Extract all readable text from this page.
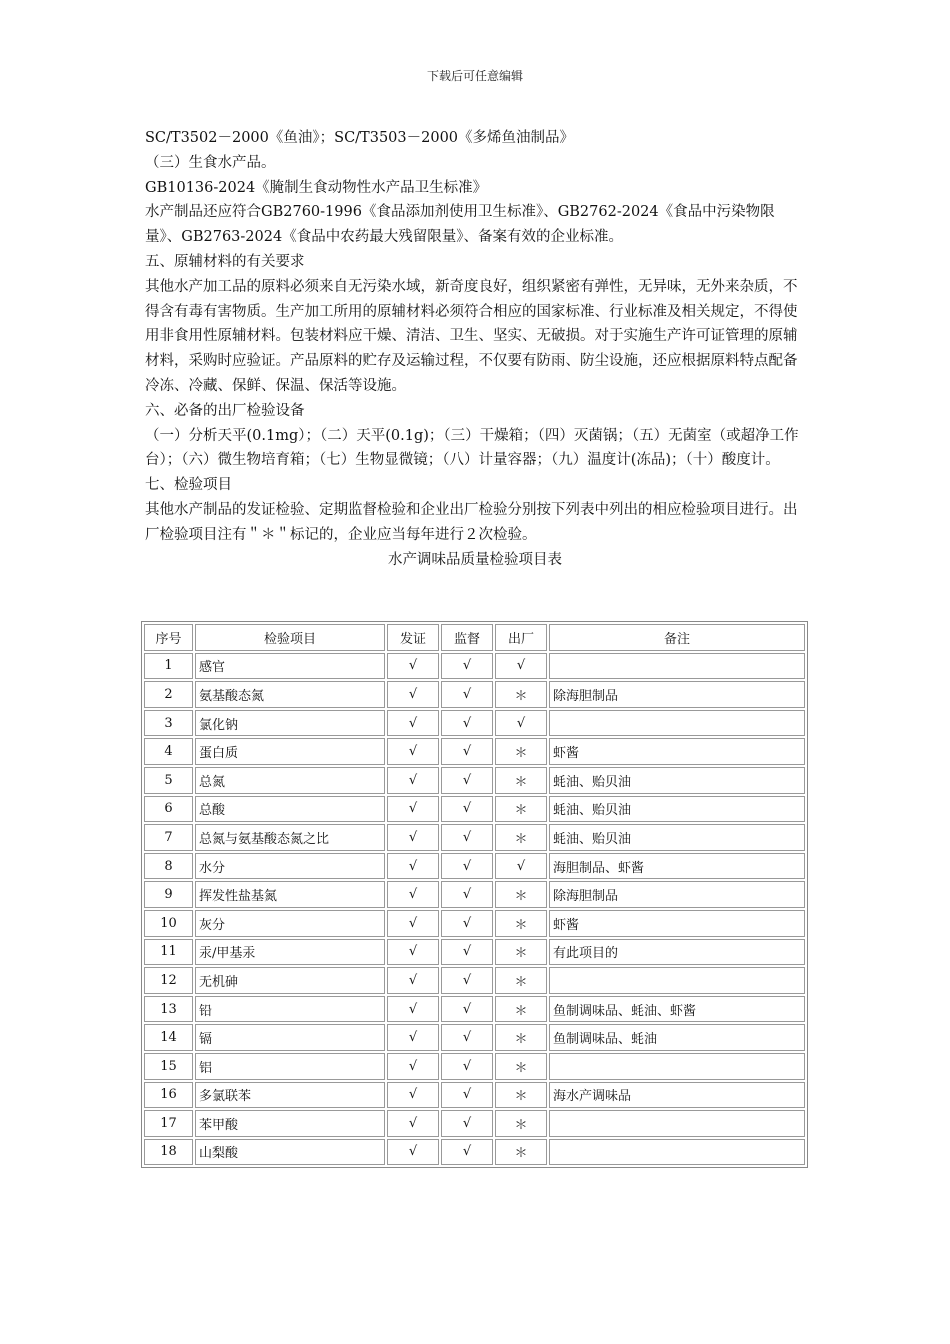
下载后可任意编辑

SC/T3502－2000《鱼油》；SC/T3503－2000《多烯鱼油制品》

（三）生食水产品。

GB10136-2024《腌制生食动物性水产品卫生标准》

水产制品还应符合GB2760-1996《食品添加剂使用卫生标准》、GB2762-2024《食品中污染物限量》、GB2763-2024《食品中农药最大残留限量》、备案有效的企业标准。

五、原辅材料的有关要求

其他水产加工品的原料必须来自无污染水域，新奇度良好，组织紧密有弹性，无异味，无外来杂质，不得含有毒有害物质。生产加工所用的原辅材料必须符合相应的国家标准、行业标准及相关规定，不得使用非食用性原辅材料。包装材料应干燥、清洁、卫生、坚实、无破损。对于实施生产许可证管理的原辅材料，采购时应验证。产品原料的贮存及运输过程，不仅要有防雨、防尘设施，还应根据原料特点配备冷冻、冷藏、保鲜、保温、保活等设施。

六、必备的出厂检验设备

（一）分析天平(0.1mg）；（二）天平(0.1g)；（三）干燥箱；（四）灭菌锅；（五）无菌室（或超净工作台）；（六）微生物培育箱；（七）生物显微镜；（八）计量容器；（九）温度计(冻品)；（十）酸度计。

七、检验项目

其他水产制品的发证检验、定期监督检验和企业出厂检验分别按下列表中列出的相应检验项目进行。出厂检验项目注有＂＊＂标记的，企业应当每年进行２次检验。

水产调味品质量检验项目表

序号	检验项目	发证	监督	出厂	备注
1	感官	√	√	√	
2	氨基酸态氮	√	√	＊	除海胆制品
3	氯化钠	√	√	√	
4	蛋白质	√	√	＊	虾酱
5	总氮	√	√	＊	蚝油、贻贝油
6	总酸	√	√	＊	蚝油、贻贝油
7	总氮与氨基酸态氮之比	√	√	＊	蚝油、贻贝油
8	水分	√	√	√	海胆制品、虾酱
9	挥发性盐基氮	√	√	＊	除海胆制品
10	灰分	√	√	＊	虾酱
11	汞/甲基汞	√	√	＊	有此项目的
12	无机砷	√	√	＊	
13	铅	√	√	＊	鱼制调味品、蚝油、虾酱
14	镉	√	√	＊	鱼制调味品、蚝油
15	铝	√	√	＊	
16	多氯联苯	√	√	＊	海水产调味品
17	苯甲酸	√	√	＊	
18	山梨酸	√	√	＊	
